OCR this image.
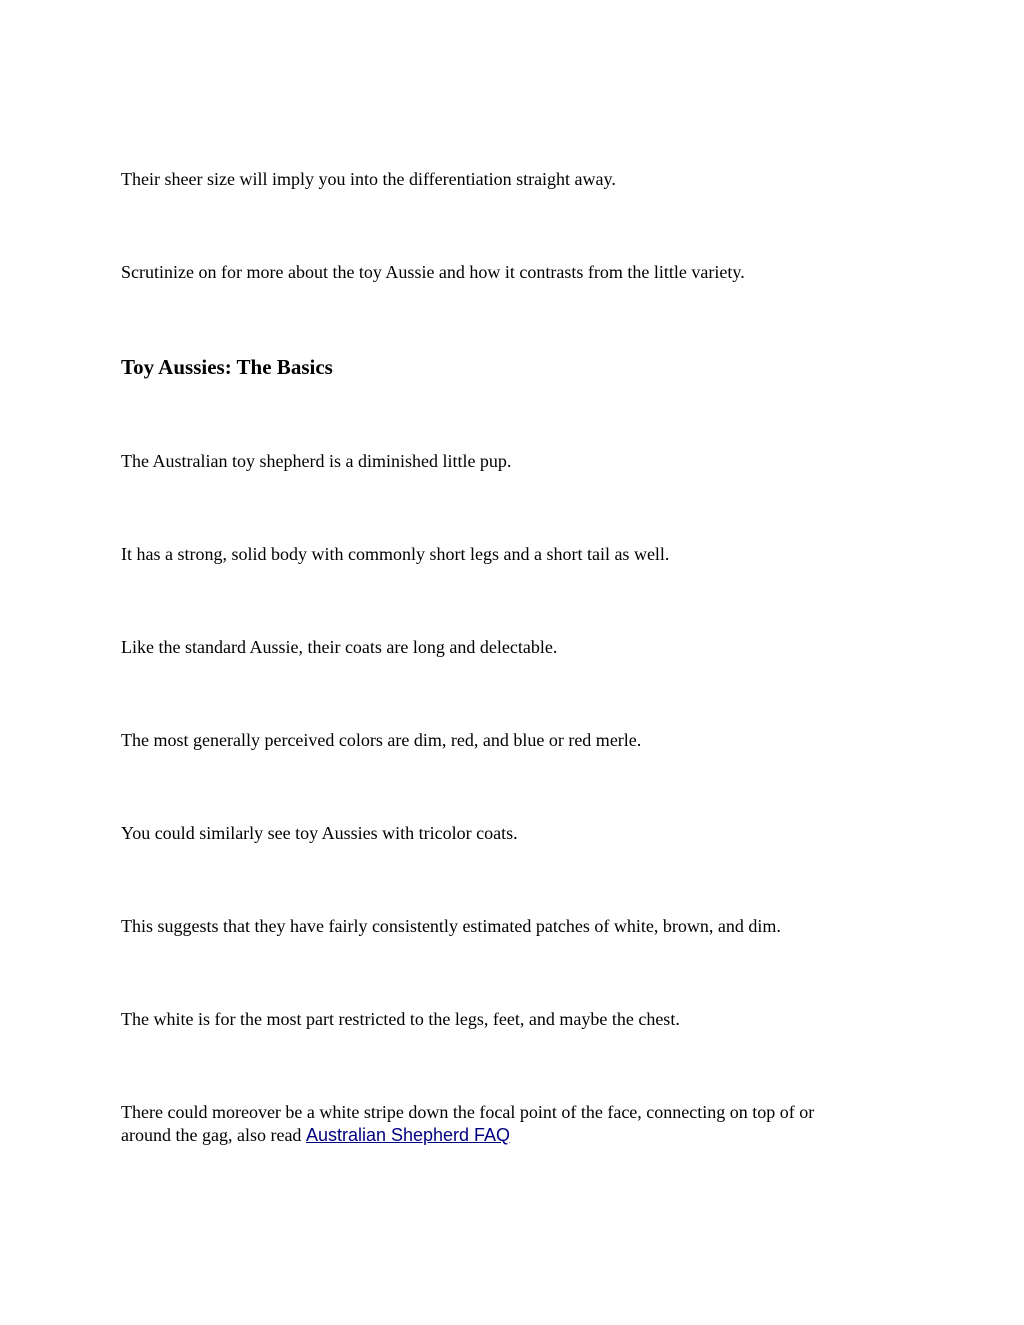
Their sheer size will imply you into the differentiation straight away.

Scrutinize on for more about the toy Aussie and how it contrasts from the little variety.

Toy Aussies: The Basics

The Australian toy shepherd is a diminished little pup.

It has a strong, solid body with commonly short legs and a short tail as well.

Like the standard Aussie, their coats are long and delectable.

The most generally perceived colors are dim, red, and blue or red merle.

You could similarly see toy Aussies with tricolor coats.

This suggests that they have fairly consistently estimated patches of white, brown, and dim.

The white is for the most part restricted to the legs, feet, and maybe the chest.

There could moreover be a white stripe down the focal point of the face, connecting on top of or
around the gag, also read Australian Shepherd FAQ
